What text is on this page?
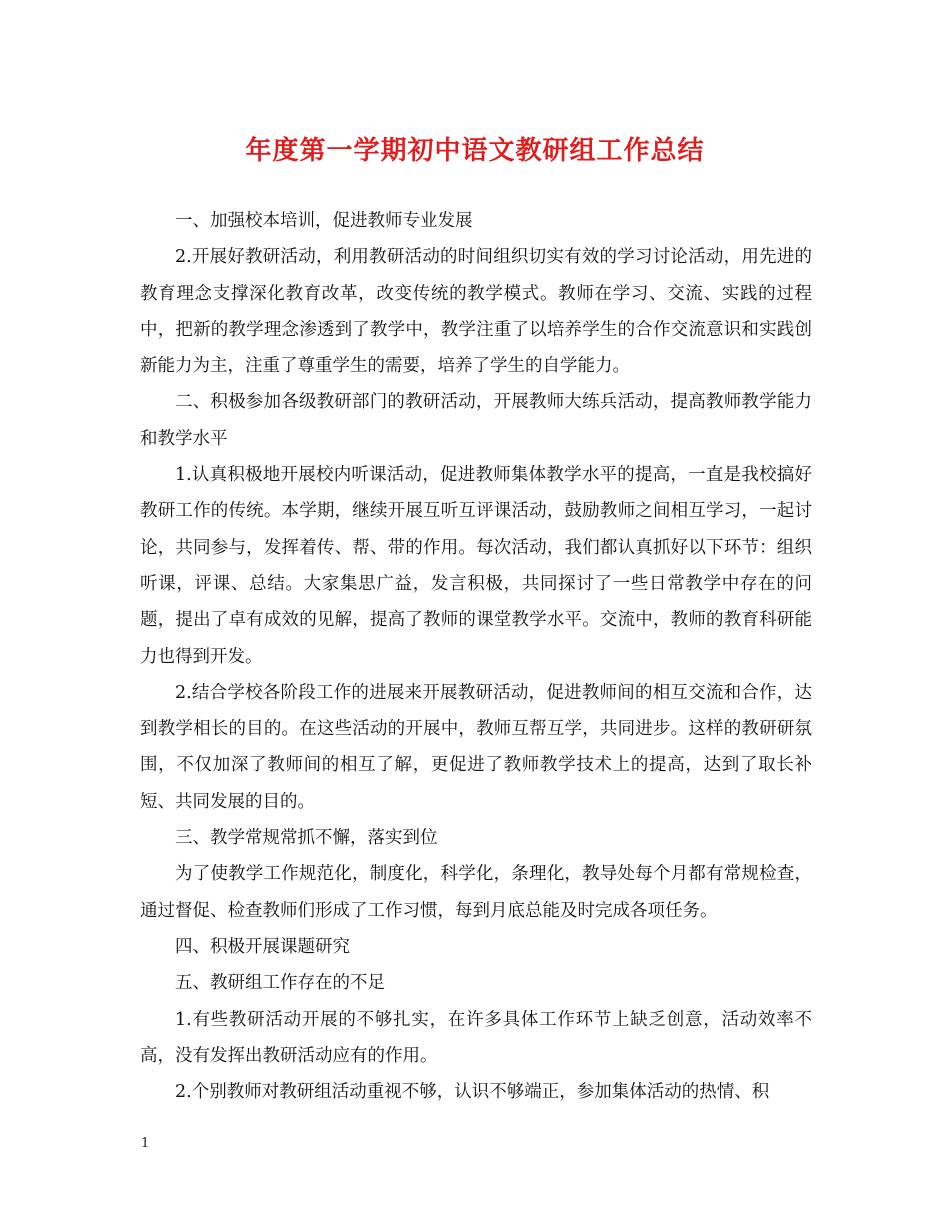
年度第一学期初中语文教研组工作总结

一、加强校本培训，促进教师专业发展

2.开展好教研活动，利用教研活动的时间组织切实有效的学习讨论活动，用先进的教育理念支撑深化教育改革，改变传统的教学模式。教师在学习、交流、实践的过程中，把新的教学理念渗透到了教学中，教学注重了以培养学生的合作交流意识和实践创新能力为主，注重了尊重学生的需要，培养了学生的自学能力。

二、积极参加各级教研部门的教研活动，开展教师大练兵活动，提高教师教学能力和教学水平

1.认真积极地开展校内听课活动，促进教师集体教学水平的提高，一直是我校搞好教研工作的传统。本学期，继续开展互听互评课活动，鼓励教师之间相互学习，一起讨论，共同参与，发挥着传、帮、带的作用。每次活动，我们都认真抓好以下环节：组织听课，评课、总结。大家集思广益，发言积极，共同探讨了一些日常教学中存在的问题，提出了卓有成效的见解，提高了教师的课堂教学水平。交流中，教师的教育科研能力也得到开发。

2.结合学校各阶段工作的进展来开展教研活动，促进教师间的相互交流和合作，达到教学相长的目的。在这些活动的开展中，教师互帮互学，共同进步。这样的教研研氛围，不仅加深了教师间的相互了解，更促进了教师教学技术上的提高，达到了取长补短、共同发展的目的。

三、教学常规常抓不懈，落实到位

为了使教学工作规范化，制度化，科学化，条理化，教导处每个月都有常规检查，通过督促、检查教师们形成了工作习惯，每到月底总能及时完成各项任务。

四、积极开展课题研究

五、教研组工作存在的不足

1.有些教研活动开展的不够扎实，在许多具体工作环节上缺乏创意，活动效率不高，没有发挥出教研活动应有的作用。

2.个别教师对教研组活动重视不够，认识不够端正，参加集体活动的热情、积

1
